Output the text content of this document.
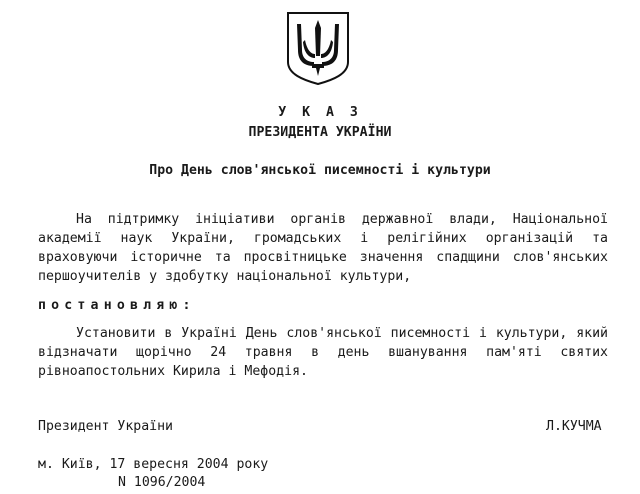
У К А З
ПРЕЗИДЕНТА УКРАЇНИ
Про День слов'янської писемності і культури

На підтримку ініціативи органів державної влади, Національної академії наук України, громадських і релігійних організацій та враховуючи історичне та просвітницьке значення спадщини слов'янських першоучителів у здобутку національної культури,

постановляю:

Установити в Україні День слов'янської писемності і культури, який відзначати щорічно 24 травня в день вшанування пам'яті святих рівноапостольних Кирила і Мефодія.

Президент України	Л.КУЧМА
м. Київ, 17 вересня 2004 року
N 1096/2004
